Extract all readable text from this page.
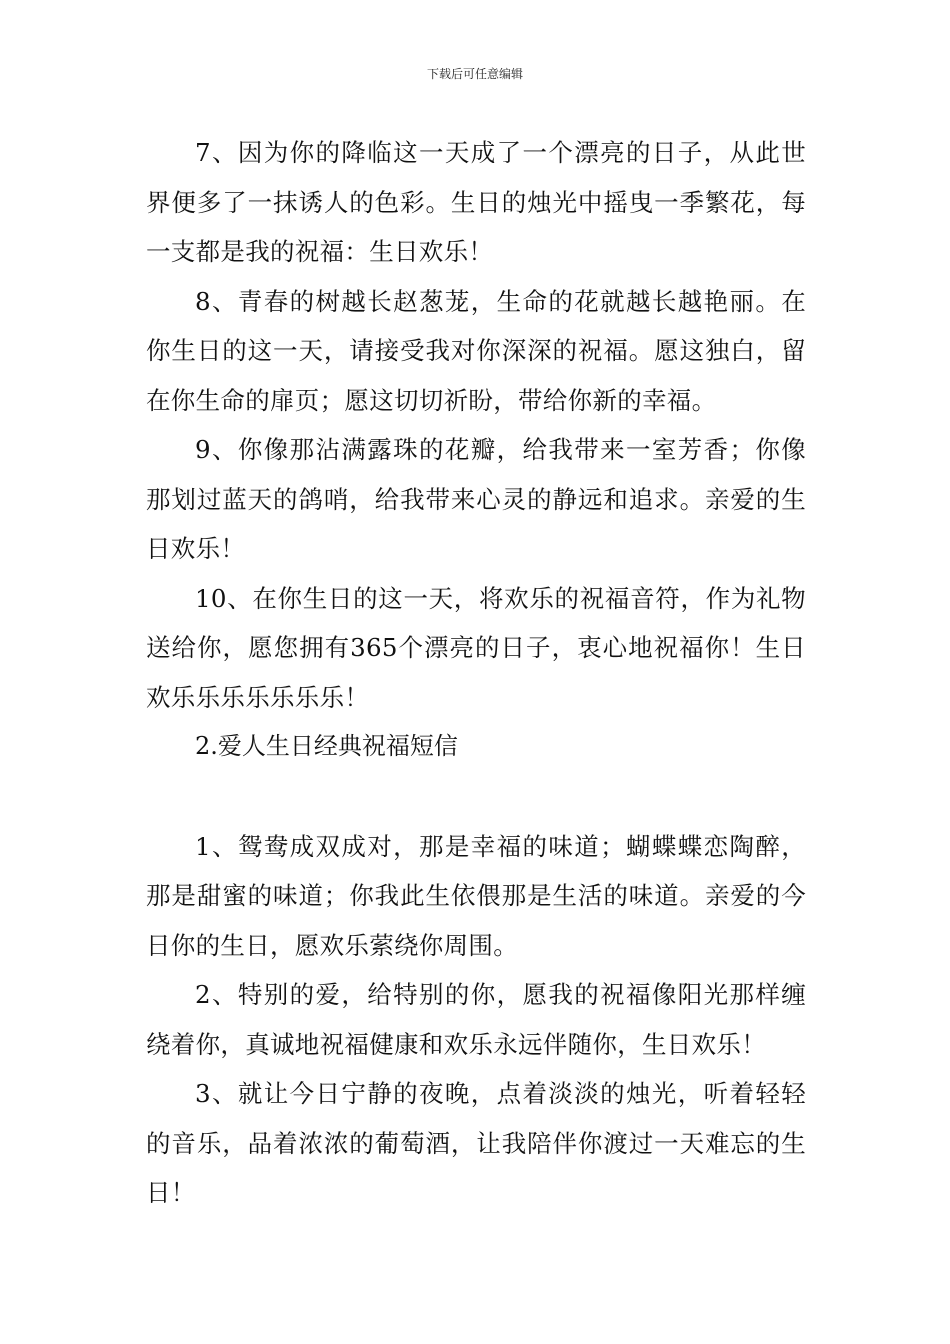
下载后可任意编辑

7、因为你的降临这一天成了一个漂亮的日子，从此世界便多了一抹诱人的色彩。生日的烛光中摇曳一季繁花，每一支都是我的祝福：生日欢乐！

8、青春的树越长赵葱茏，生命的花就越长越艳丽。在你生日的这一天，请接受我对你深深的祝福。愿这独白，留在你生命的扉页；愿这切切祈盼，带给你新的幸福。

9、你像那沾满露珠的花瓣，给我带来一室芳香；你像那划过蓝天的鸽哨，给我带来心灵的静远和追求。亲爱的生日欢乐！

10、在你生日的这一天，将欢乐的祝福音符，作为礼物送给你，愿您拥有365个漂亮的日子，衷心地祝福你！生日欢乐乐乐乐乐乐乐！

2.爱人生日经典祝福短信

1、鸳鸯成双成对，那是幸福的味道；蝴蝶蝶恋陶醉，那是甜蜜的味道；你我此生依偎那是生活的味道。亲爱的今日你的生日，愿欢乐萦绕你周围。

2、特别的爱，给特别的你，愿我的祝福像阳光那样缠绕着你，真诚地祝福健康和欢乐永远伴随你，生日欢乐！

3、就让今日宁静的夜晚，点着淡淡的烛光，听着轻轻的音乐，品着浓浓的葡萄酒，让我陪伴你渡过一天难忘的生日！
